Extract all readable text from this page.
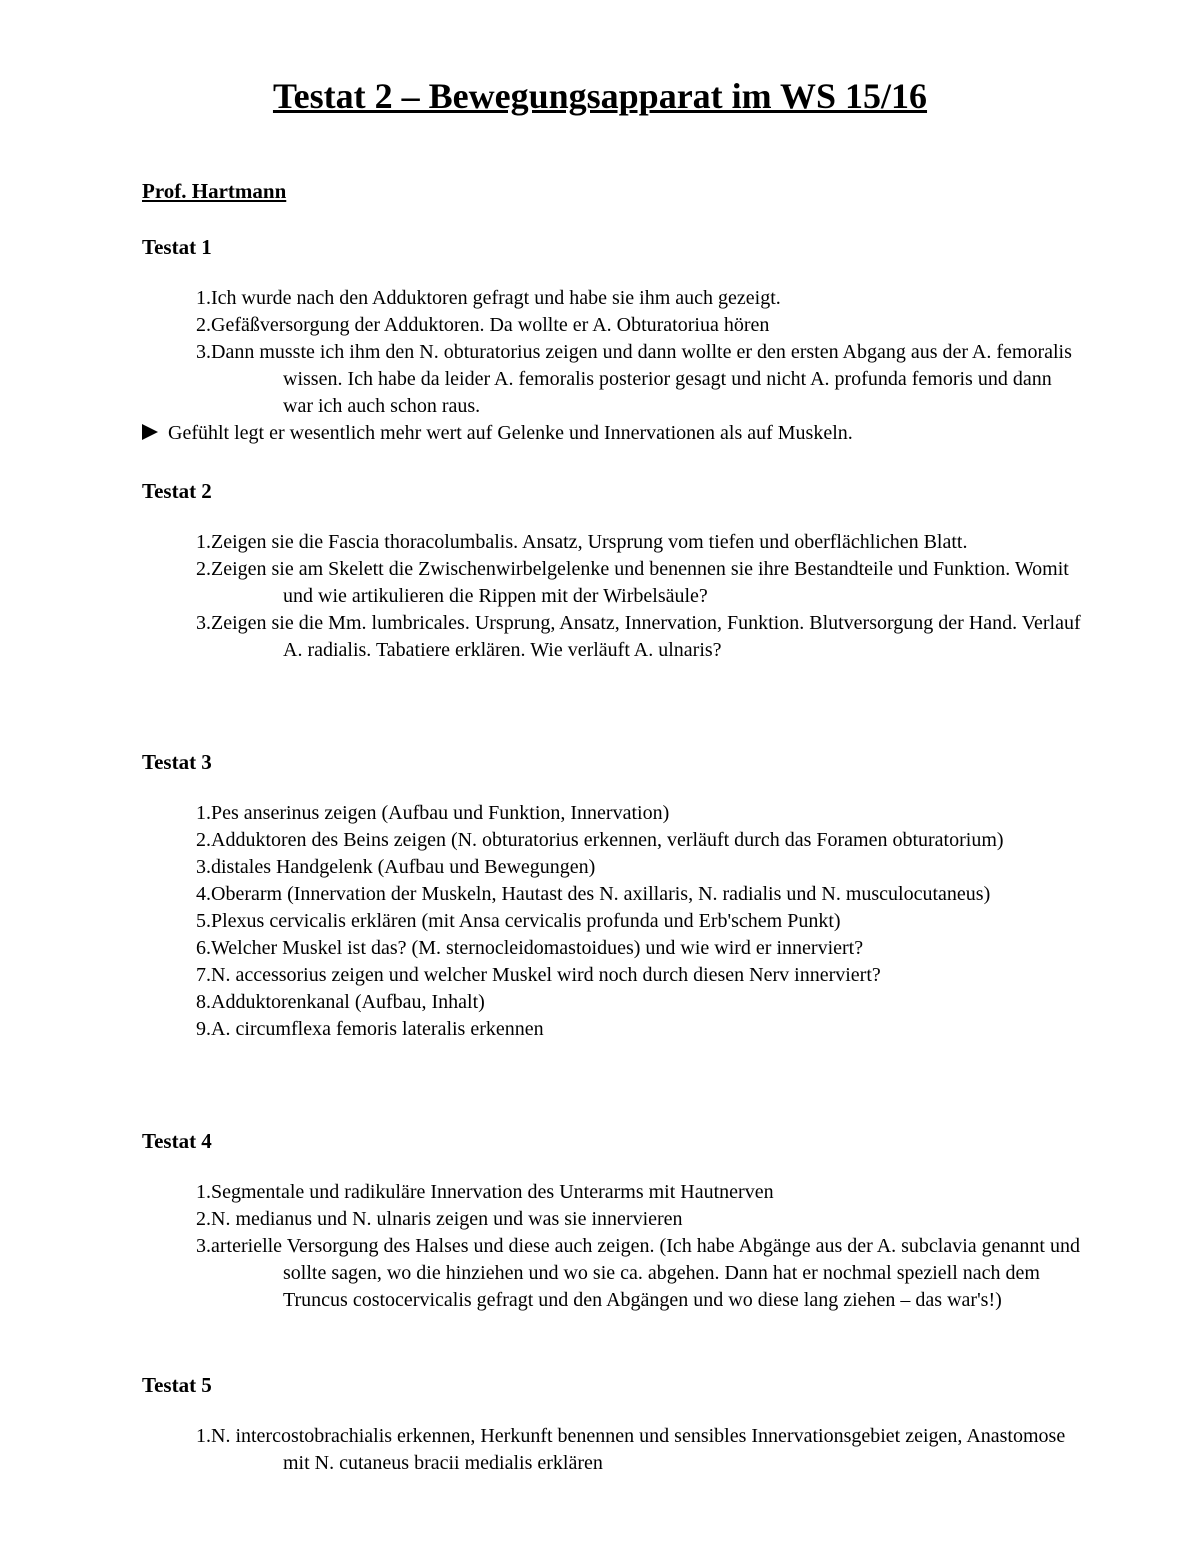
Testat 2 – Bewegungsapparat im WS 15/16
Prof. Hartmann
Testat 1
1.Ich wurde nach den Adduktoren gefragt und habe sie ihm auch gezeigt.
2.Gefäßversorgung der Adduktoren. Da wollte er A. Obturatoriua hören
3.Dann musste ich ihm den N. obturatorius zeigen und dann wollte er den ersten Abgang aus der A. femoralis wissen. Ich habe da leider A. femoralis posterior gesagt und nicht A. profunda femoris und dann war ich auch schon raus.

Gefühlt legt er wesentlich mehr wert auf Gelenke und Innervationen als auf Muskeln.

Testat 2
1.Zeigen sie die Fascia thoracolumbalis. Ansatz, Ursprung vom tiefen und oberflächlichen Blatt.
2.Zeigen sie am Skelett die Zwischenwirbelgelenke und benennen sie ihre Bestandteile und Funktion. Womit und wie artikulieren die Rippen mit der Wirbelsäule?
3.Zeigen sie die Mm. lumbricales. Ursprung, Ansatz, Innervation, Funktion. Blutversorgung der Hand. Verlauf A. radialis. Tabatiere erklären. Wie verläuft A. ulnaris?
Testat 3
1.Pes anserinus zeigen (Aufbau und Funktion, Innervation)
2.Adduktoren des Beins zeigen (N. obturatorius erkennen, verläuft durch das Foramen obturatorium)
3.distales Handgelenk (Aufbau und Bewegungen)
4.Oberarm (Innervation der Muskeln, Hautast des N. axillaris, N. radialis und N. musculocutaneus)
5.Plexus cervicalis erklären (mit Ansa cervicalis profunda und Erb'schem Punkt)
6.Welcher Muskel ist das? (M. sternocleidomastoidues) und wie wird er innerviert?
7.N. accessorius zeigen und welcher Muskel wird noch durch diesen Nerv innerviert?
8.Adduktorenkanal (Aufbau, Inhalt)
9.A. circumflexa femoris lateralis erkennen
Testat 4
1.Segmentale und radikuläre Innervation des Unterarms mit Hautnerven
2.N. medianus und N. ulnaris zeigen und was sie innervieren
3.arterielle Versorgung des Halses und diese auch zeigen. (Ich habe Abgänge aus der A. subclavia genannt und sollte sagen, wo die hinziehen und wo sie ca. abgehen. Dann hat er nochmal speziell nach dem Truncus costocervicalis gefragt und den Abgängen und wo diese lang ziehen – das war's!)
Testat 5
1.N. intercostobrachialis erkennen, Herkunft benennen und sensibles Innervationsgebiet zeigen, Anastomose mit N. cutaneus bracii medialis erklären
